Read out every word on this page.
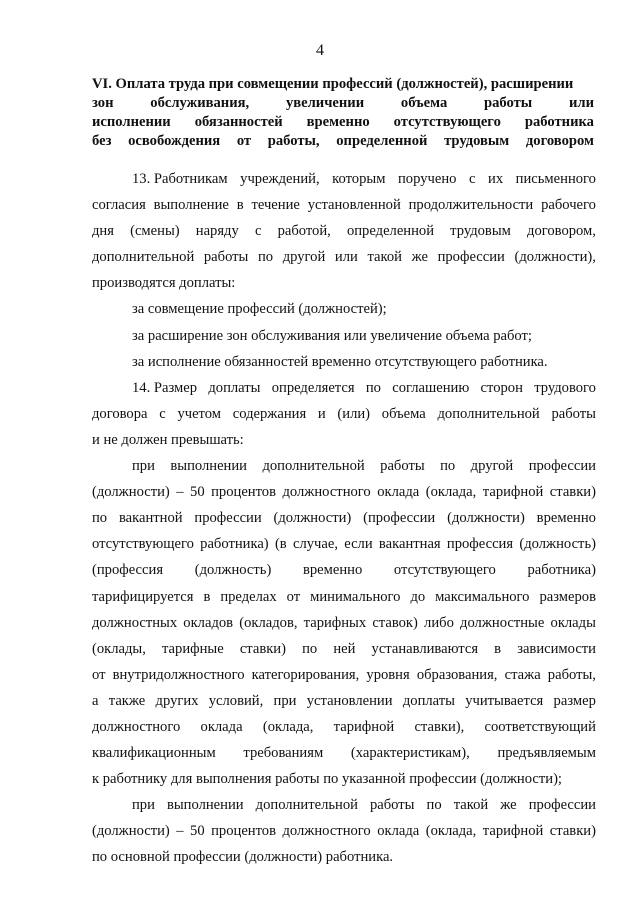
4
VI. Оплата труда при совмещении профессий (должностей), расширении
зон	обслуживания,	увеличении	объема	работы	или
исполнении обязанностей временно отсутствующего работника
без освобождения от работы, определенной трудовым договором
13. Работникам учреждений, которым поручено с их письменного
согласия выполнение в течение установленной продолжительности рабочего
дня (смены) наряду с работой, определенной трудовым договором,
дополнительной работы по другой или такой же профессии (должности),
производятся доплаты:
за совмещение профессий (должностей);
за расширение зон обслуживания или увеличение объема работ;
за исполнение обязанностей временно отсутствующего работника.
14. Размер доплаты определяется по соглашению сторон трудового
договора с учетом содержания и (или) объема дополнительной работы
и не должен превышать:
при выполнении дополнительной работы по другой профессии
(должности) – 50 процентов должностного оклада (оклада, тарифной ставки)
по вакантной профессии (должности) (профессии (должности) временно
отсутствующего работника) (в случае, если вакантная профессия (должность)
(профессия (должность) временно отсутствующего работника)
тарифицируется в пределах от минимального до максимального размеров
должностных окладов (окладов, тарифных ставок) либо должностные оклады
(оклады, тарифные ставки) по ней устанавливаются в зависимости
от внутридолжностного категорирования, уровня образования, стажа работы,
а также других условий, при установлении доплаты учитывается размер
должностного оклада (оклада, тарифной ставки), соответствующий
квалификационным требованиям (характеристикам), предъявляемым
к работнику для выполнения работы по указанной профессии (должности);
при выполнении дополнительной работы по такой же профессии
(должности) – 50 процентов должностного оклада (оклада, тарифной ставки)
по основной профессии (должности) работника.
